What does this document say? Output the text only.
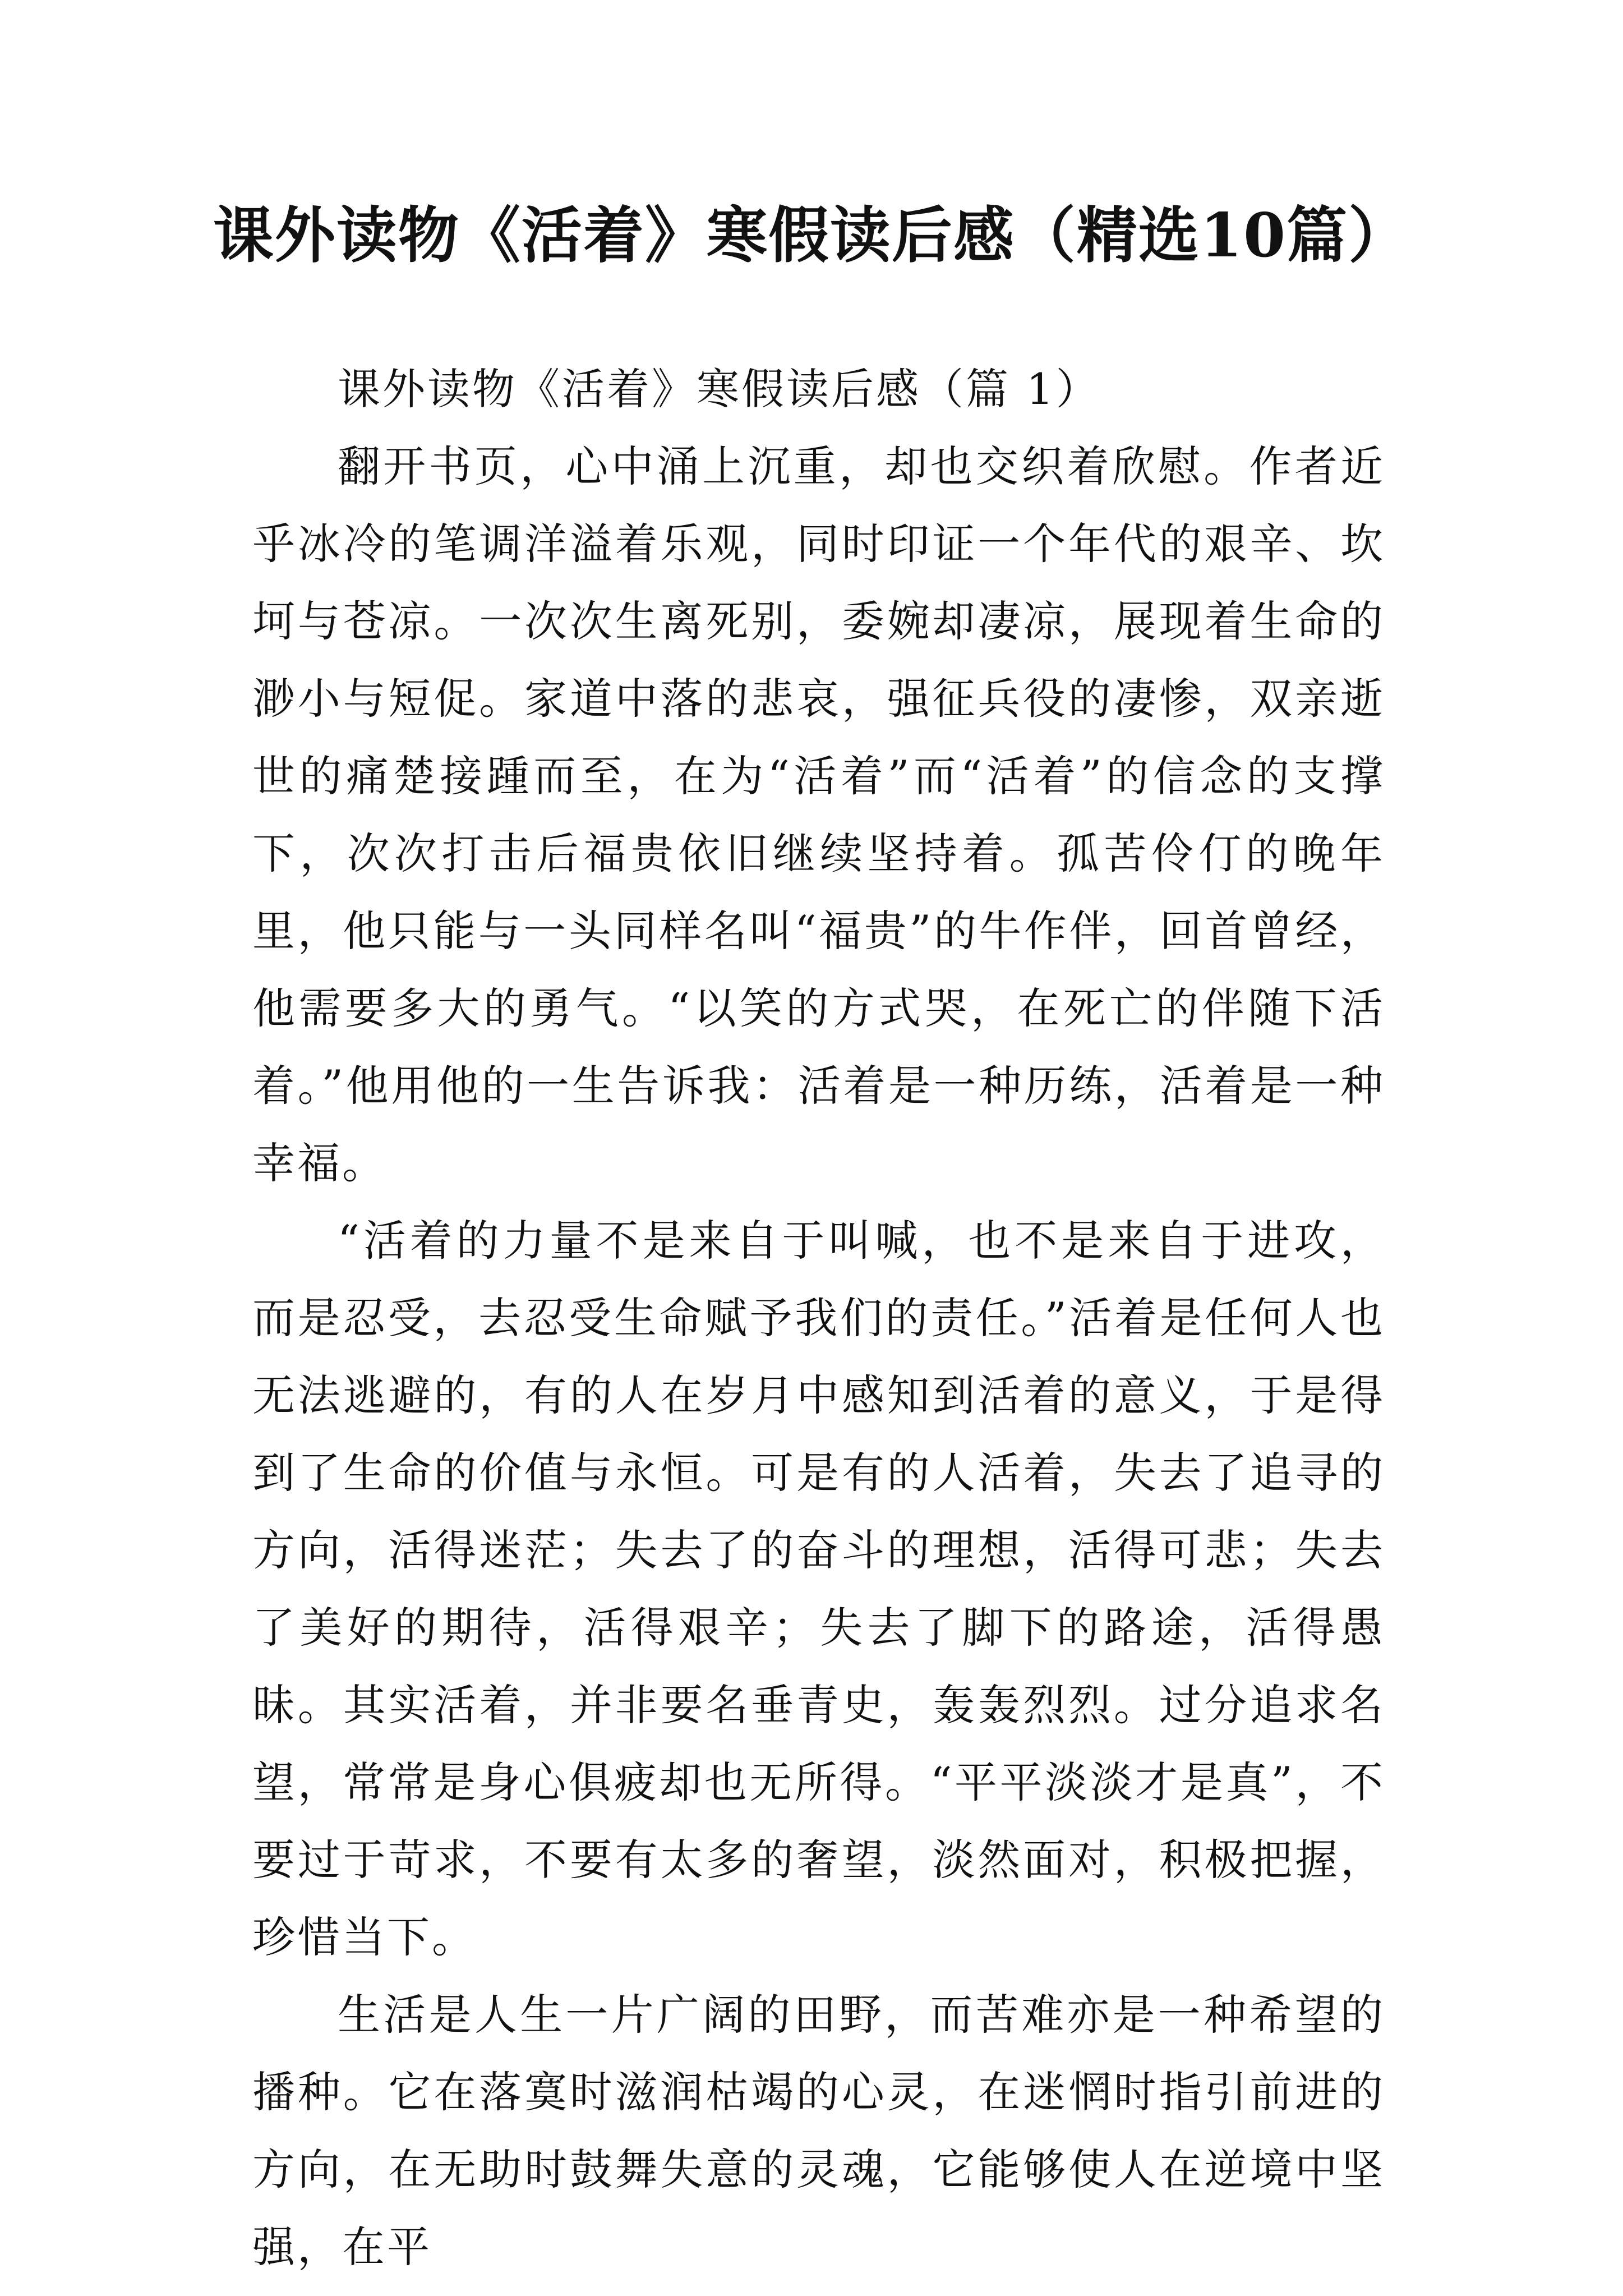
课外读物《活着》寒假读后感（精选10篇）

课外读物《活着》寒假读后感（篇 1）

翻开书页，心中涌上沉重，却也交织着欣慰。作者近乎冰冷的笔调洋溢着乐观，同时印证一个年代的艰辛、坎坷与苍凉。一次次生离死别，委婉却凄凉，展现着生命的渺小与短促。家道中落的悲哀，强征兵役的凄惨，双亲逝世的痛楚接踵而至，在为“活着”而“活着”的信念的支撑下，次次打击后福贵依旧继续坚持着。孤苦伶仃的晚年里，他只能与一头同样名叫“福贵”的牛作伴，回首曾经，他需要多大的勇气。“以笑的方式哭，在死亡的伴随下活着。”他用他的一生告诉我：活着是一种历练，活着是一种幸福。

“活着的力量不是来自于叫喊，也不是来自于进攻，而是忍受，去忍受生命赋予我们的责任。”活着是任何人也无法逃避的，有的人在岁月中感知到活着的意义，于是得到了生命的价值与永恒。可是有的人活着，失去了追寻的方向，活得迷茫；失去了的奋斗的理想，活得可悲；失去了美好的期待，活得艰辛；失去了脚下的路途，活得愚昧。其实活着，并非要名垂青史，轰轰烈烈。过分追求名望，常常是身心俱疲却也无所得。“平平淡淡才是真”，不要过于苛求，不要有太多的奢望，淡然面对，积极把握，珍惜当下。

生活是人生一片广阔的田野，而苦难亦是一种希望的播种。它在落寞时滋润枯竭的心灵，在迷惘时指引前进的方向，在无助时鼓舞失意的灵魂，它能够使人在逆境中坚强，在平
